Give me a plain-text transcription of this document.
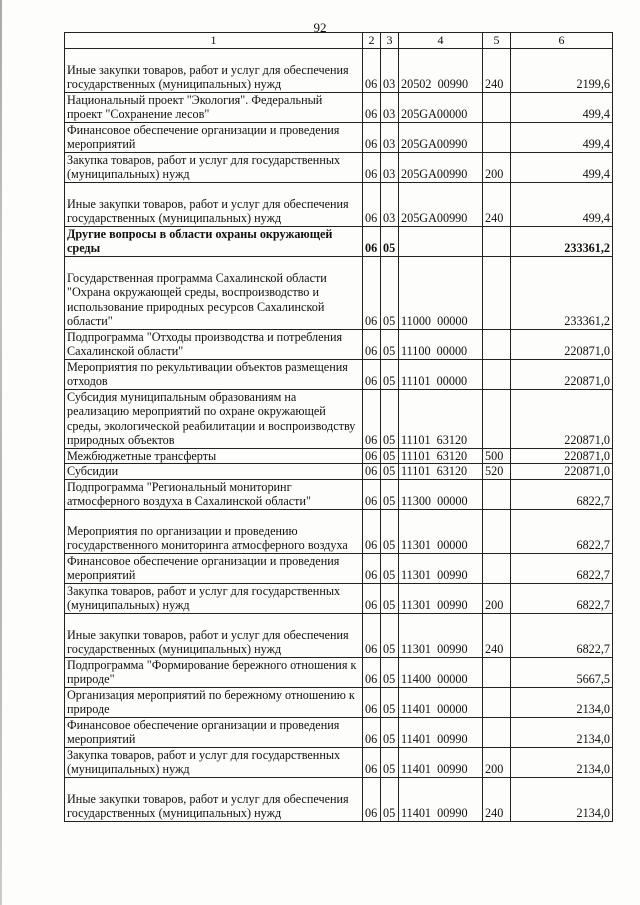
92
1	2	3	4	5	6
Иные закупки товаров, работ и услуг для обеспечения государственных (муниципальных) нужд	06	03	20502  00990	240	2199,6
Национальный проект "Экология". Федеральный проект "Сохранение лесов"	06	03	205GA00000		499,4
Финансовое обеспечение организации и проведения мероприятий	06	03	205GA00990		499,4
Закупка товаров, работ и услуг для государственных (муниципальных) нужд	06	03	205GA00990	200	499,4
Иные закупки товаров, работ и услуг для обеспечения государственных (муниципальных) нужд	06	03	205GA00990	240	499,4
Другие вопросы в области охраны окружающей среды	06	05			233361,2
Государственная программа Сахалинской области "Охрана окружающей среды, воспроизводство и использование природных ресурсов Сахалинской области"	06	05	11000  00000		233361,2
Подпрограмма "Отходы производства и потребления Сахалинской области"	06	05	11100  00000		220871,0
Мероприятия по рекультивации объектов размещения отходов	06	05	11101  00000		220871,0
Субсидия муниципальным образованиям на реализацию мероприятий по охране окружающей среды, экологической реабилитации и воспроизводству природных объектов	06	05	11101  63120		220871,0
Межбюджетные трансферты	06	05	11101  63120	500	220871,0
Субсидии	06	05	11101  63120	520	220871,0
Подпрограмма "Региональный мониторинг атмосферного воздуха в Сахалинской области"	06	05	11300  00000		6822,7
Мероприятия по организации и проведению государственного мониторинга атмосферного воздуха	06	05	11301  00000		6822,7
Финансовое обеспечение организации и проведения мероприятий	06	05	11301  00990		6822,7
Закупка товаров, работ и услуг для государственных (муниципальных) нужд	06	05	11301  00990	200	6822,7
Иные закупки товаров, работ и услуг для обеспечения государственных (муниципальных) нужд	06	05	11301  00990	240	6822,7
Подпрограмма "Формирование бережного отношения к природе"	06	05	11400  00000		5667,5
Организация мероприятий по бережному отношению к природе	06	05	11401  00000		2134,0
Финансовое обеспечение организации и проведения мероприятий	06	05	11401  00990		2134,0
Закупка товаров, работ и услуг для государственных (муниципальных) нужд	06	05	11401  00990	200	2134,0
Иные закупки товаров, работ и услуг для обеспечения государственных (муниципальных) нужд	06	05	11401  00990	240	2134,0
